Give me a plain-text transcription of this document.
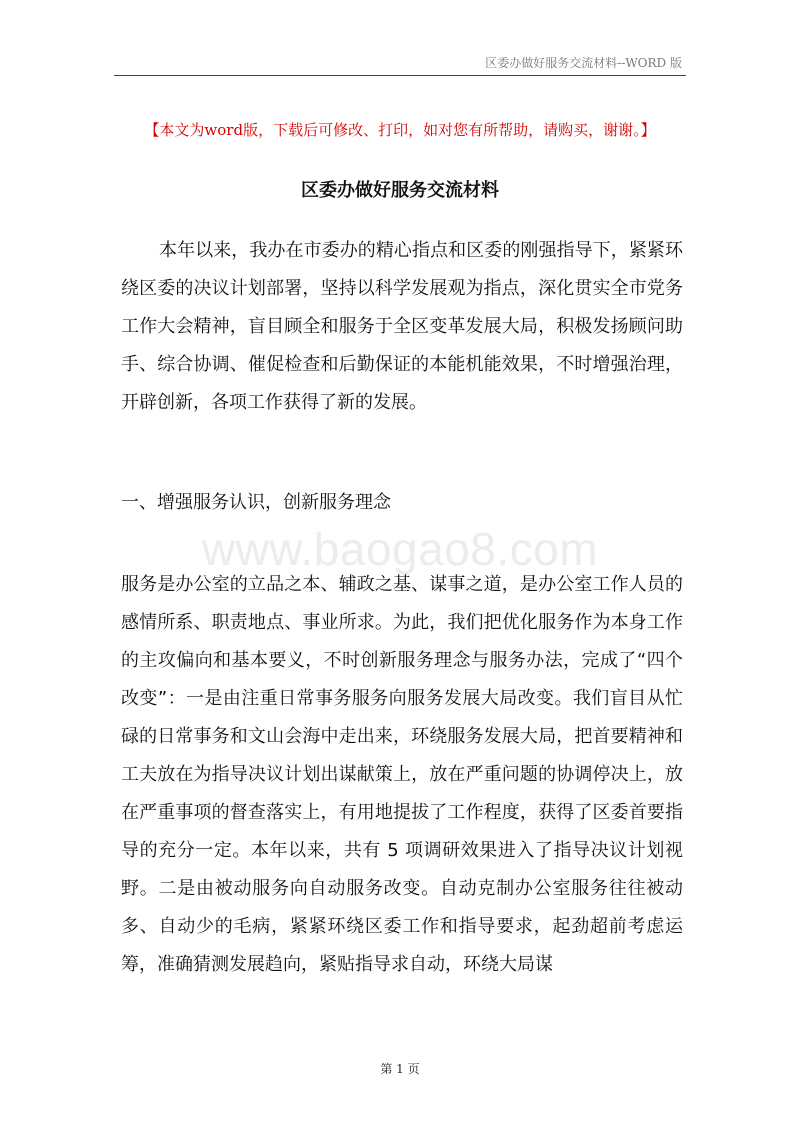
区委办做好服务交流材料--WORD 版
【本文为word版，下载后可修改、打印，如对您有所帮助，请购买，谢谢。】
区委办做好服务交流材料

本年以来，我办在市委办的精心指点和区委的刚强指导下，紧紧环绕区委的决议计划部署，坚持以科学发展观为指点，深化贯实全市党务工作大会精神，盲目顾全和服务于全区变革发展大局，积极发扬顾问助手、综合协调、催促检查和后勤保证的本能机能效果，不时增强治理，开辟创新，各项工作获得了新的发展。

一、增强服务认识，创新服务理念
www.baogao8.com

服务是办公室的立品之本、辅政之基、谋事之道，是办公室工作人员的感情所系、职责地点、事业所求。为此，我们把优化服务作为本身工作的主攻偏向和基本要义，不时创新服务理念与服务办法，完成了“四个改变”：一是由注重日常事务服务向服务发展大局改变。我们盲目从忙碌的日常事务和文山会海中走出来，环绕服务发展大局，把首要精神和工夫放在为指导决议计划出谋献策上，放在严重问题的协调停决上，放在严重事项的督查落实上，有用地提拔了工作程度，获得了区委首要指导的充分一定。本年以来，共有 5 项调研效果进入了指导决议计划视野。二是由被动服务向自动服务改变。自动克制办公室服务往往被动多、自动少的毛病，紧紧环绕区委工作和指导要求，起劲超前考虑运筹，准确猜测发展趋向，紧贴指导求自动，环绕大局谋

第 1 页
